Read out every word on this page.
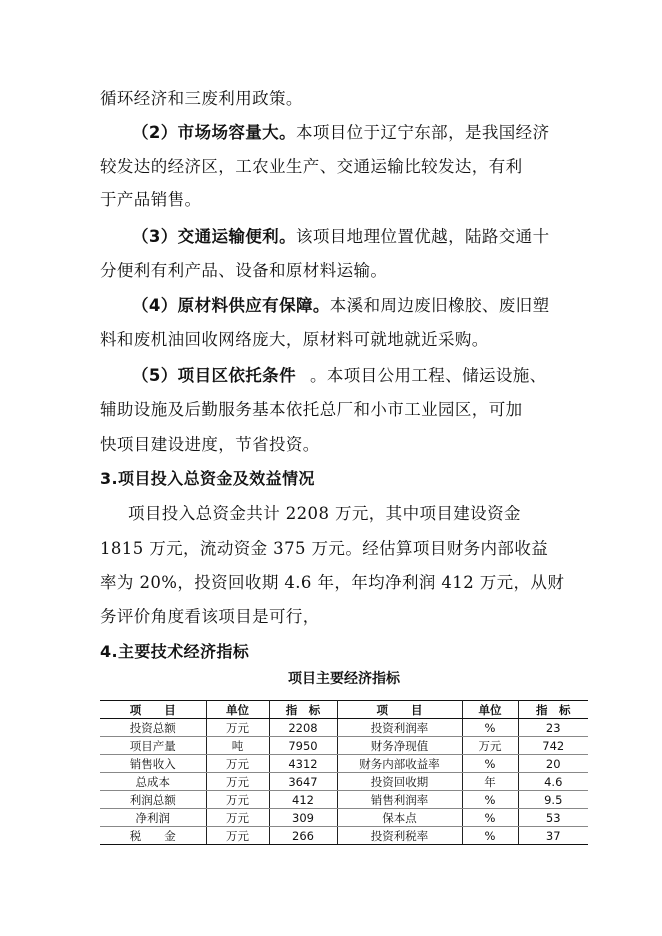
循环经济和三废利用政策。
（2）市场场容量大。本项目位于辽宁东部，是我国经济
较发达的经济区，工农业生产、交通运输比较发达，有利
于产品销售。
（3）交通运输便利。该项目地理位置优越，陆路交通十
分便利有利产品、设备和原材料运输。
（4）原材料供应有保障。本溪和周边废旧橡胶、废旧塑
料和废机油回收网络庞大，原材料可就地就近采购。
（5）项目区依托条件 。本项目公用工程、储运设施、
辅助设施及后勤服务基本依托总厂和小市工业园区，可加
快项目建设进度，节省投资。
3.项目投入总资金及效益情况
项目投入总资金共计 2208 万元，其中项目建设资金
1815 万元，流动资金 375 万元。经估算项目财务内部收益
率为 20%，投资回收期 4.6 年，年均净利润 412 万元，从财
务评价角度看该项目是可行，
4.主要技术经济指标
项目主要经济指标
项　　目	单位	指　标	项　　目	单位	指　标
投资总额	万元	2208	投资利润率	%	23
项目产量	吨	7950	财务净现值	万元	742
销售收入	万元	4312	财务内部收益率	%	20
总成本	万元	3647	投资回收期	年	4.6
利润总额	万元	412	销售利润率	%	9.5
净利润	万元	309	保本点	%	53
税　　金	万元	266	投资利税率	%	37
